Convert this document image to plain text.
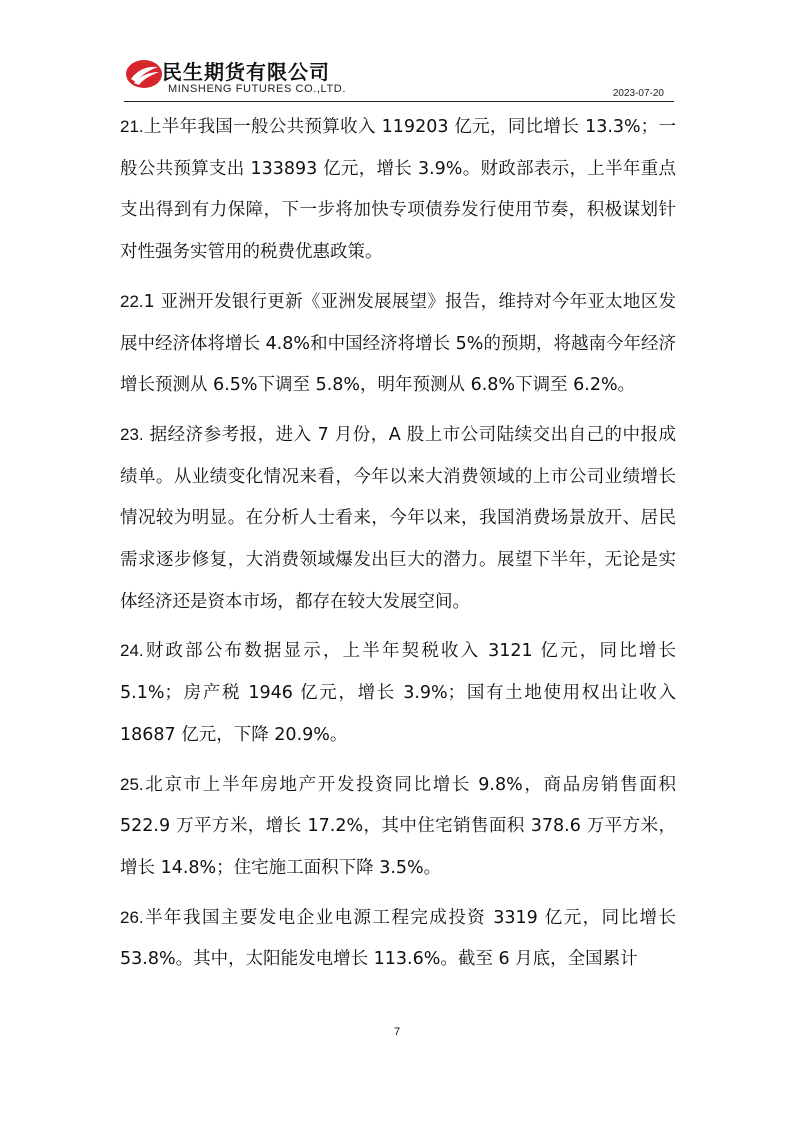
民生期货有限公司
MINSHENG FUTURES CO.,LTD.	2023-07-20

21.上半年我国一般公共预算收入 119203 亿元，同比增长 13.3%；一般公共预算支出 133893 亿元，增长 3.9%。财政部表示，上半年重点支出得到有力保障，下一步将加快专项债券发行使用节奏，积极谋划针对性强务实管用的税费优惠政策。

22.1 亚洲开发银行更新《亚洲发展展望》报告，维持对今年亚太地区发展中经济体将增长 4.8%和中国经济将增长 5%的预期，将越南今年经济增长预测从 6.5%下调至 5.8%，明年预测从 6.8%下调至 6.2%。

23. 据经济参考报，进入 7 月份，A 股上市公司陆续交出自己的中报成绩单。从业绩变化情况来看，今年以来大消费领域的上市公司业绩增长情况较为明显。在分析人士看来，今年以来，我国消费场景放开、居民需求逐步修复，大消费领域爆发出巨大的潜力。展望下半年，无论是实体经济还是资本市场，都存在较大发展空间。

24.财政部公布数据显示，上半年契税收入 3121 亿元，同比增长 5.1%；房产税 1946 亿元，增长 3.9%；国有土地使用权出让收入 18687 亿元，下降 20.9%。

25.北京市上半年房地产开发投资同比增长 9.8%，商品房销售面积 522.9 万平方米，增长 17.2%，其中住宅销售面积 378.6 万平方米，增长 14.8%；住宅施工面积下降 3.5%。

26.半年我国主要发电企业电源工程完成投资 3319 亿元，同比增长 53.8%。其中，太阳能发电增长 113.6%。截至 6 月底，全国累计

7
